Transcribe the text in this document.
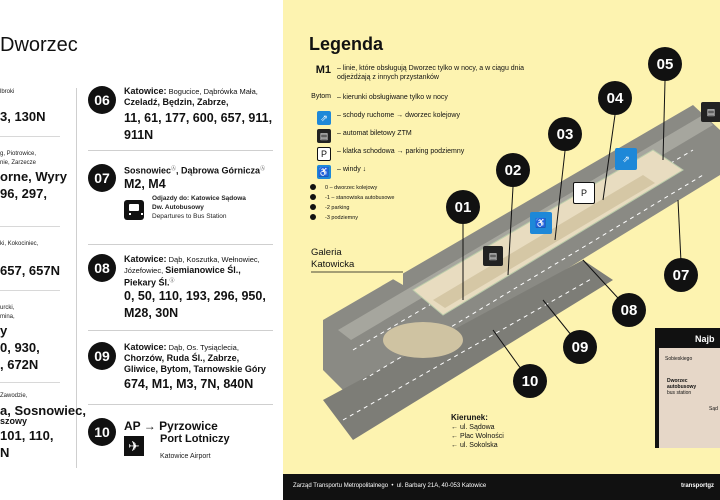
Dworzec
lbroki
3, 130N
g, Piotrowice,
nie, Zarzecze
orne, Wyry
96, 297,
ki, Kokociniec,
657, 657N
urcki,
mina,
y
0, 930,
, 672N
Zawodzie,
a, Sosnowiec,
szowy
101, 110,
N
06
Katowice: Bogucice, Dąbrówka Mała,
Czeladź, Będzin, Zabrze,
11, 61, 177, 600, 657, 911, 911N
07	SosnowiecⒶ, Dąbrowa GórniczaⒶ
M2, M4
Odjazdy do: Katowice Sądowa
Dw. Autobusowy
Departures to Bus Station
08
Katowice: Dąb, Koszutka, Wełnowiec,
Józefowiec, Siemianowice Śl.,
Piekary Śl.Ⓐ
0, 50, 110, 193, 296, 950, M28, 30N
09
Katowice: Dąb, Os. Tysiąclecia,
Chorzów, Ruda Śl., Zabrze,
Gliwice, Bytom, Tarnowskie Góry
674, M1, M3, 7N, 840N
10	AP → Pyrzowice
✈	Port Lotniczy
Katowice Airport
Legenda
M1 – linie, które obsługują Dworzec tylko w nocy, a w ciągu dnia odjeżdżają z innych przystanków
Bytom – kierunki obsługiwane tylko w nocy
⇗	– schody ruchome → dworzec kolejowy
▤	– automat biletowy ZTM
P	– klatka schodowa → parking podziemny
♿ – windy ↓
0 – dworzec kolejowy
-1 – stanowiska autobusowe
-2 parking
-3 podziemny
Galeria
Katowicka
▤
♿
P
⇗
▤
01
02
03
04
05
07
08
09
10
Kierunek:
← ul. Sądowa
← Plac Wolności
← ul. Sokolska
Najb
Sobieskiego
Dworzec
autobusowy
bus station
Sąd
Zarząd Transportu Metropolitalnego  •  ul. Barbary 21A, 40-053 Katowice	transportgz
